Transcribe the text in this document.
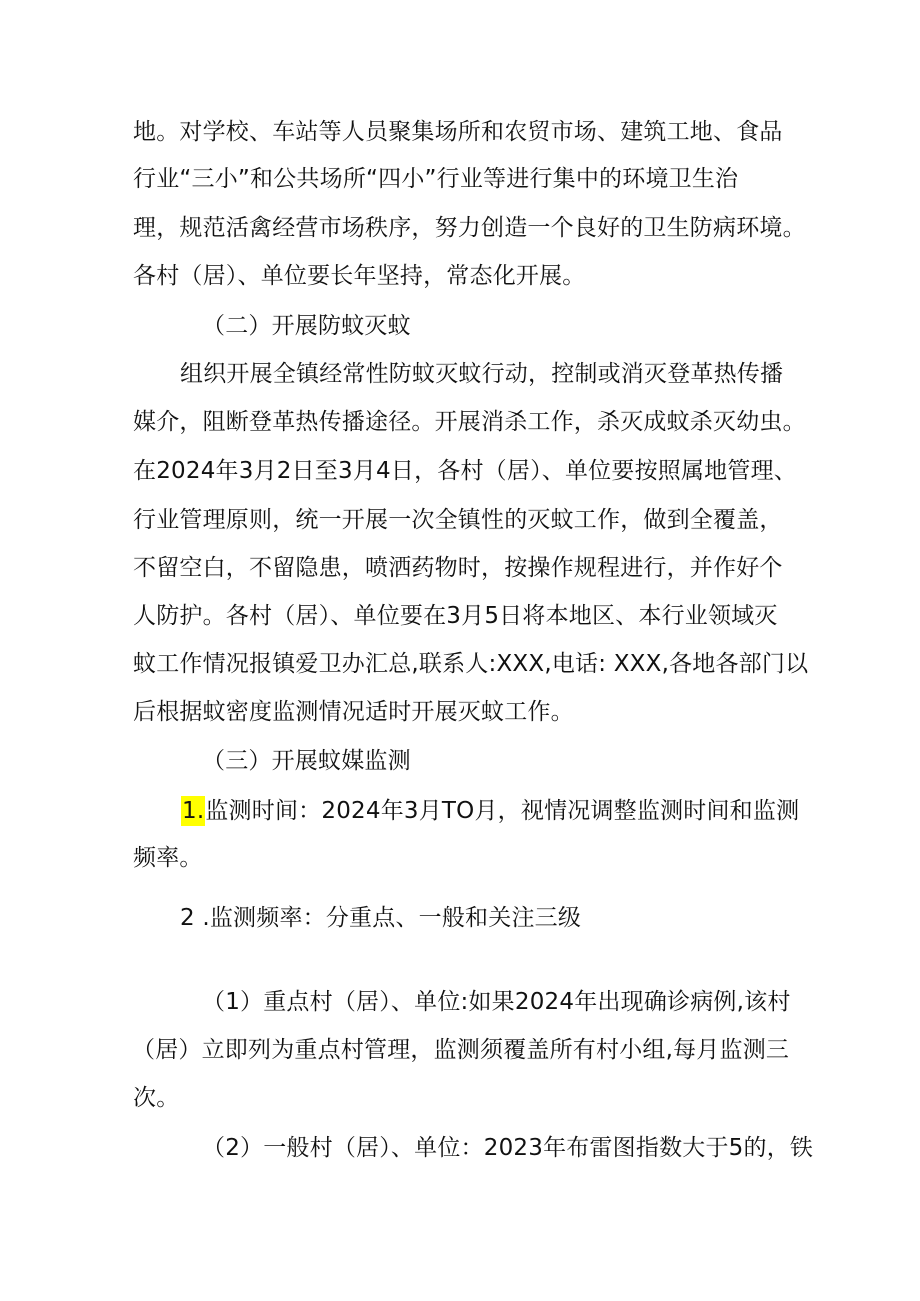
地。对学校、车站等人员聚集场所和农贸市场、建筑工地、食品
行业“三小”和公共场所“四小”行业等进行集中的环境卫生治
理，规范活禽经营市场秩序，努力创造一个良好的卫生防病环境。
各村（居）、单位要长年坚持，常态化开展。
（二）开展防蚊灭蚊
组织开展全镇经常性防蚊灭蚊行动，控制或消灭登革热传播
媒介，阻断登革热传播途径。开展消杀工作，杀灭成蚊杀灭幼虫。
在2024年3月2日至3月4日，各村（居）、单位要按照属地管理、
行业管理原则，统一开展一次全镇性的灭蚊工作，做到全覆盖，
不留空白，不留隐患，喷洒药物时，按操作规程进行，并作好个
人防护。各村（居）、单位要在3月5日将本地区、本行业领域灭
蚊工作情况报镇爱卫办汇总,联系人:XXX,电话: XXX,各地各部门以
后根据蚊密度监测情况适时开展灭蚊工作。
（三）开展蚊媒监测
1.监测时间：2024年3月TO月，视情况调整监测时间和监测
频率。
2 .监测频率：分重点、一般和关注三级
（1）重点村（居）、单位:如果2024年出现确诊病例,该村
（居）立即列为重点村管理，监测须覆盖所有村小组,每月监测三
次。
（2）一般村（居）、单位：2023年布雷图指数大于5的，铁
